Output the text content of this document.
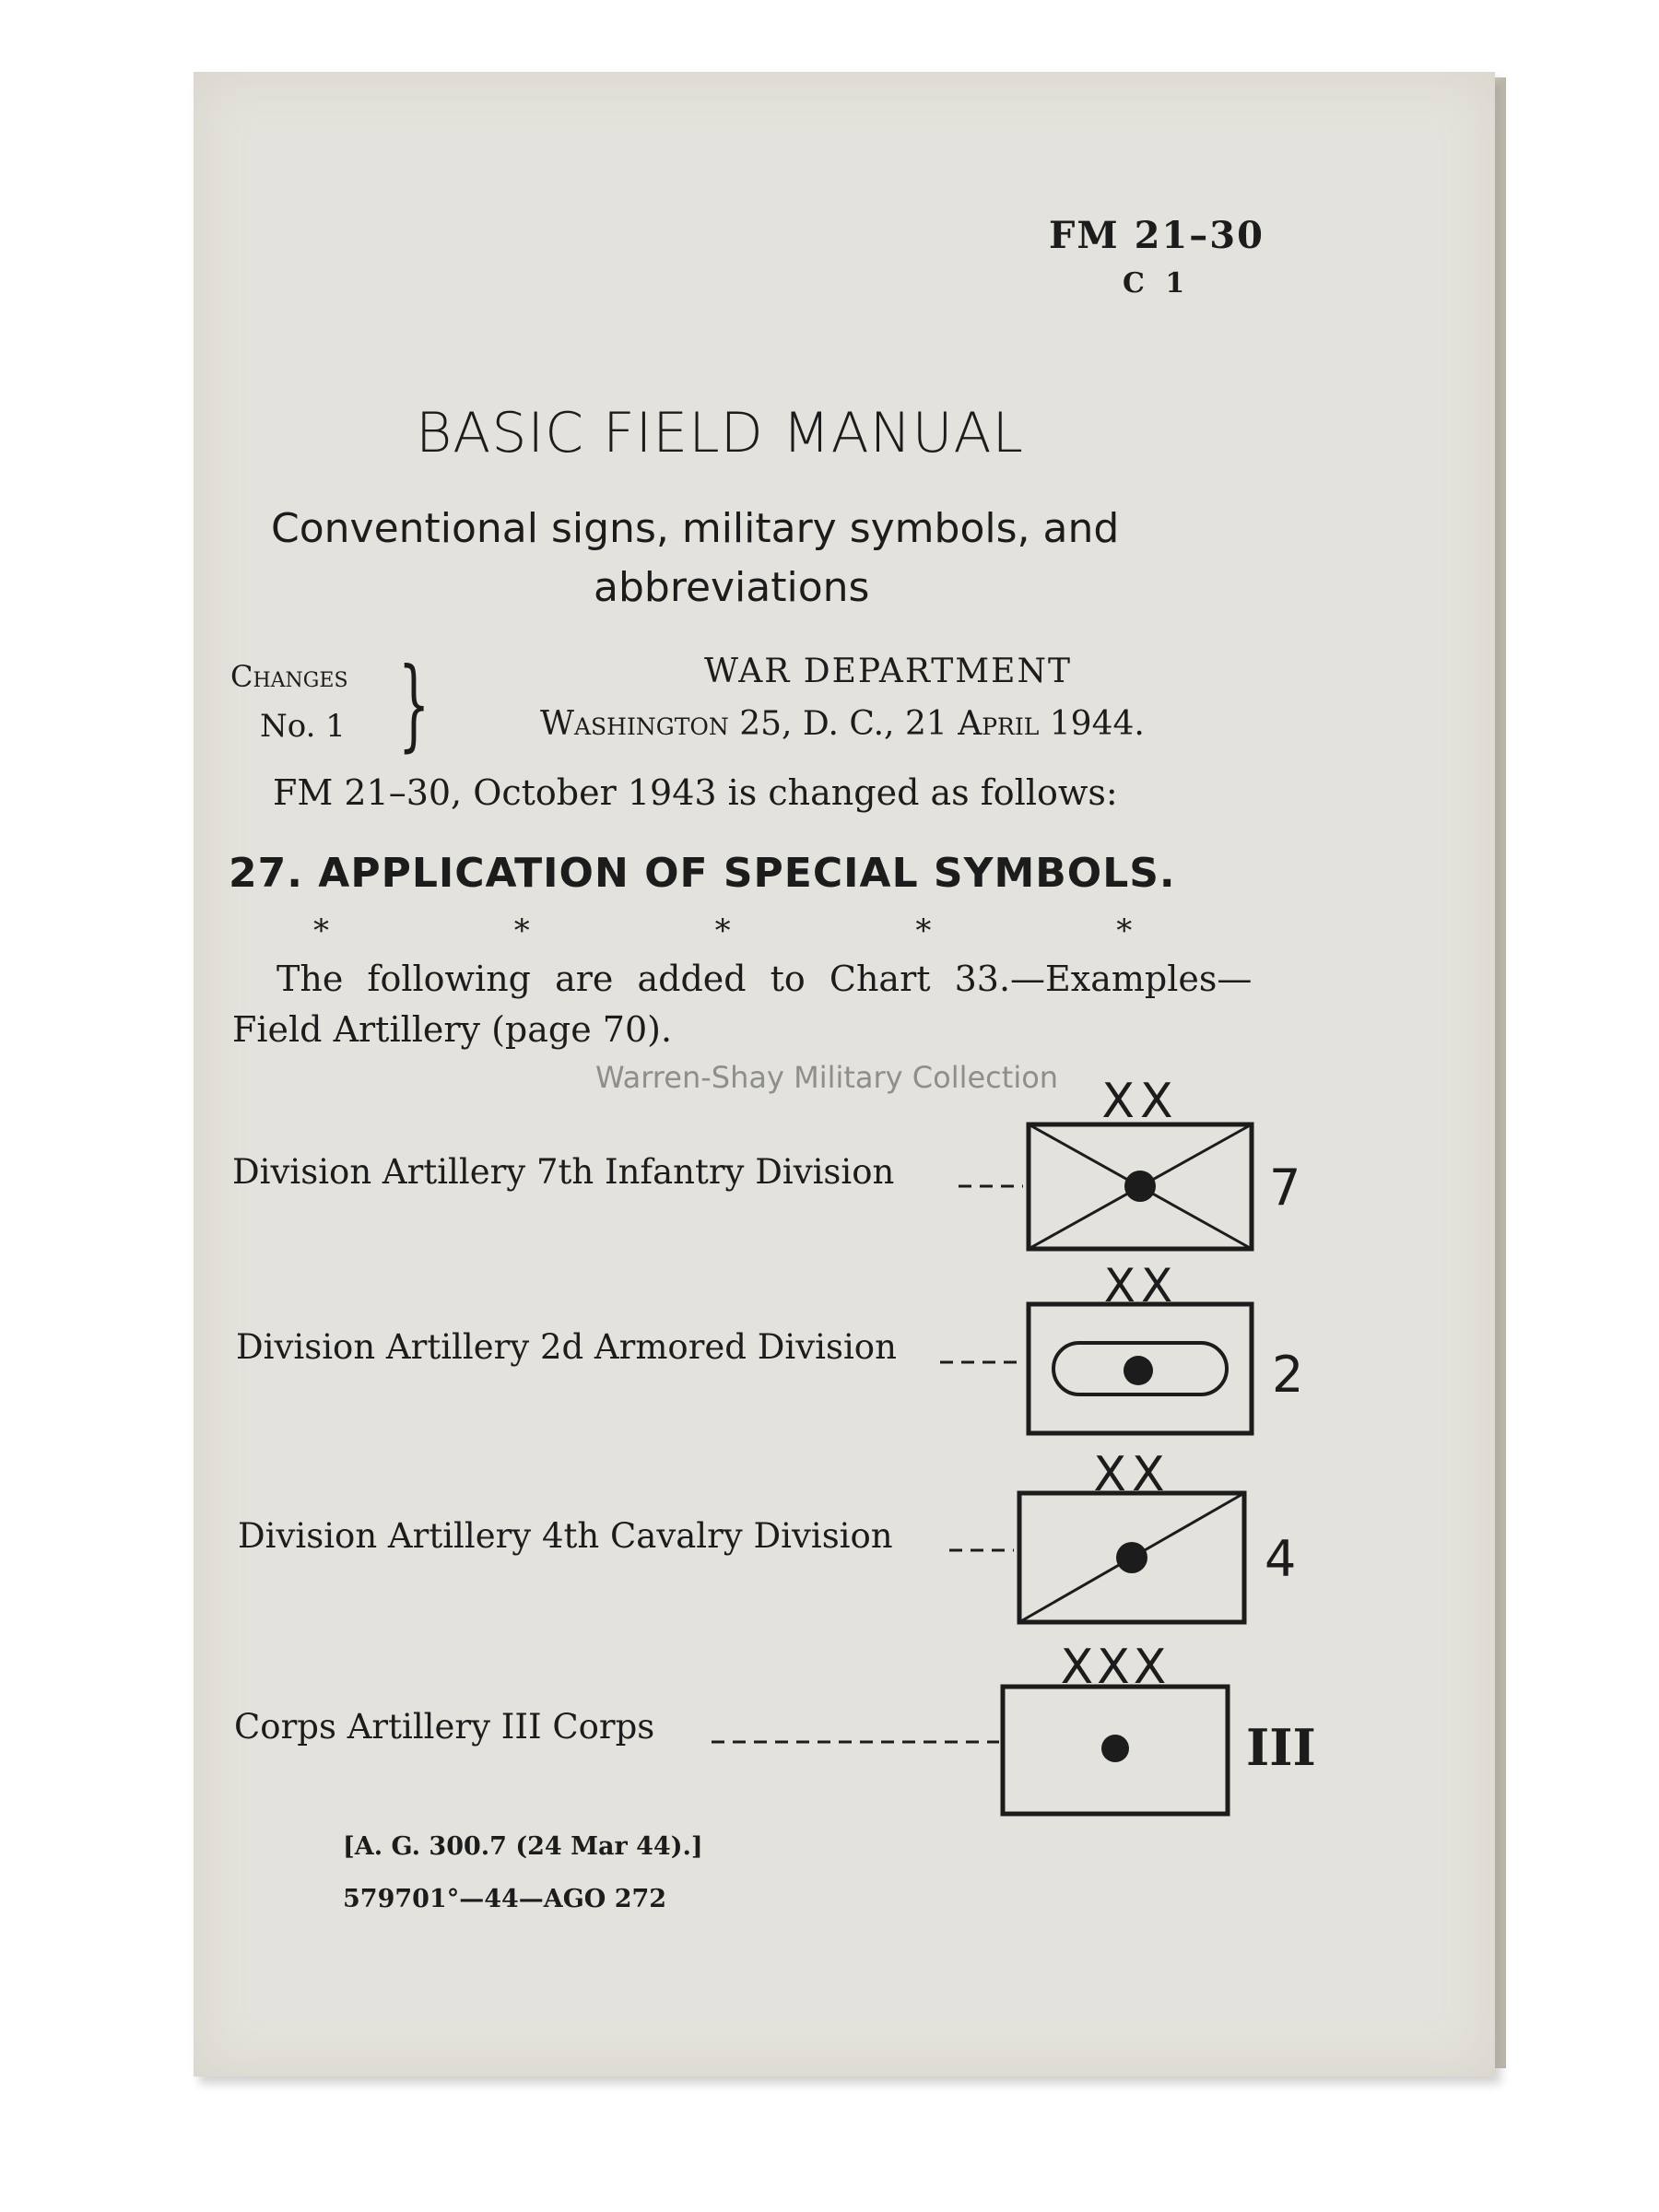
FM 21–30
C 1
BASIC FIELD MANUAL
Conventional signs, military symbols, and
abbreviations
Changes
No. 1 }	WAR DEPARTMENT
Washington 25, D. C., 21 April 1944.
FM 21–30, October 1943 is changed as follows:
27. APPLICATION OF SPECIAL SYMBOLS.
* * * * *
The following are added to Chart 33.—Examples—
Field Artillery (page 70).
Warren-Shay Military Collection
Division Artillery 7th Infantry Division
Division Artillery 2d Armored Division
Division Artillery 4th Cavalry Division
Corps Artillery III Corps
XX
XX
XX
XXX
7
2
4
III
[A. G. 300.7 (24 Mar 44).]
579701°—44—AGO 272
